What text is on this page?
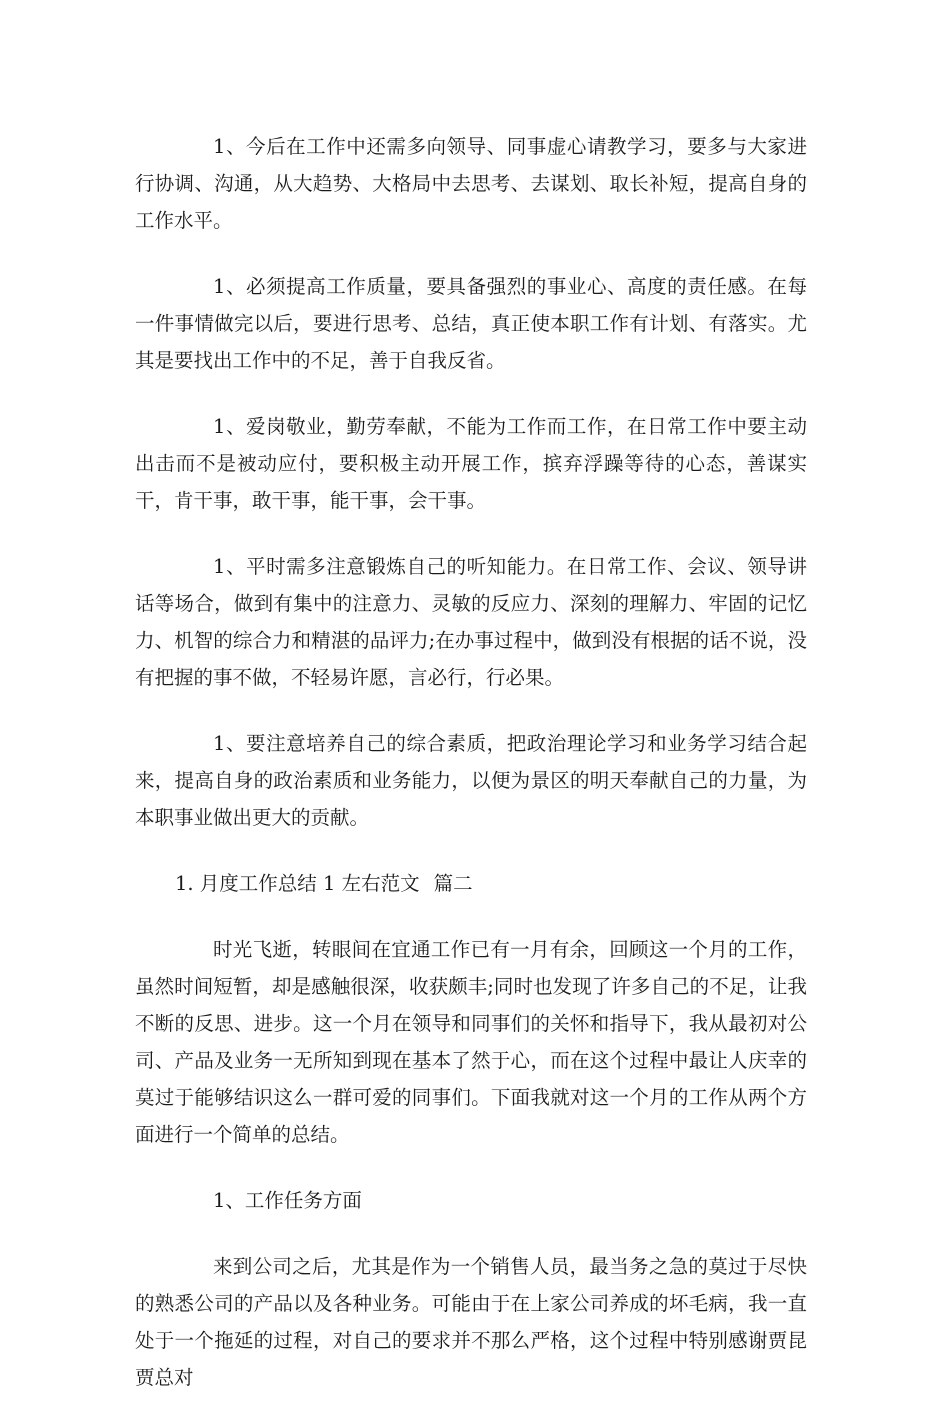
1、今后在工作中还需多向领导、同事虚心请教学习，要多与大家进行协调、沟通，从大趋势、大格局中去思考、去谋划、取长补短，提高自身的工作水平。

1、必须提高工作质量，要具备强烈的事业心、高度的责任感。在每一件事情做完以后，要进行思考、总结，真正使本职工作有计划、有落实。尤其是要找出工作中的不足，善于自我反省。

1、爱岗敬业，勤劳奉献，不能为工作而工作，在日常工作中要主动出击而不是被动应付，要积极主动开展工作，摈弃浮躁等待的心态，善谋实干，肯干事，敢干事，能干事，会干事。

1、平时需多注意锻炼自己的听知能力。在日常工作、会议、领导讲话等场合，做到有集中的注意力、灵敏的反应力、深刻的理解力、牢固的记忆力、机智的综合力和精湛的品评力;在办事过程中，做到没有根据的话不说，没有把握的事不做，不轻易许愿，言必行，行必果。

1、要注意培养自己的综合素质，把政治理论学习和业务学习结合起来，提高自身的政治素质和业务能力，以便为景区的明天奉献自己的力量，为本职事业做出更大的贡献。

1. 月度工作总结 1 左右范文 篇二

时光飞逝，转眼间在宜通工作已有一月有余，回顾这一个月的工作，虽然时间短暂，却是感触很深，收获颇丰;同时也发现了许多自己的不足，让我不断的反思、进步。这一个月在领导和同事们的关怀和指导下，我从最初对公司、产品及业务一无所知到现在基本了然于心，而在这个过程中最让人庆幸的莫过于能够结识这么一群可爱的同事们。下面我就对这一个月的工作从两个方面进行一个简单的总结。

1、工作任务方面

来到公司之后，尤其是作为一个销售人员，最当务之急的莫过于尽快的熟悉公司的产品以及各种业务。可能由于在上家公司养成的坏毛病，我一直处于一个拖延的过程，对自己的要求并不那么严格，这个过程中特别感谢贾昆贾总对
